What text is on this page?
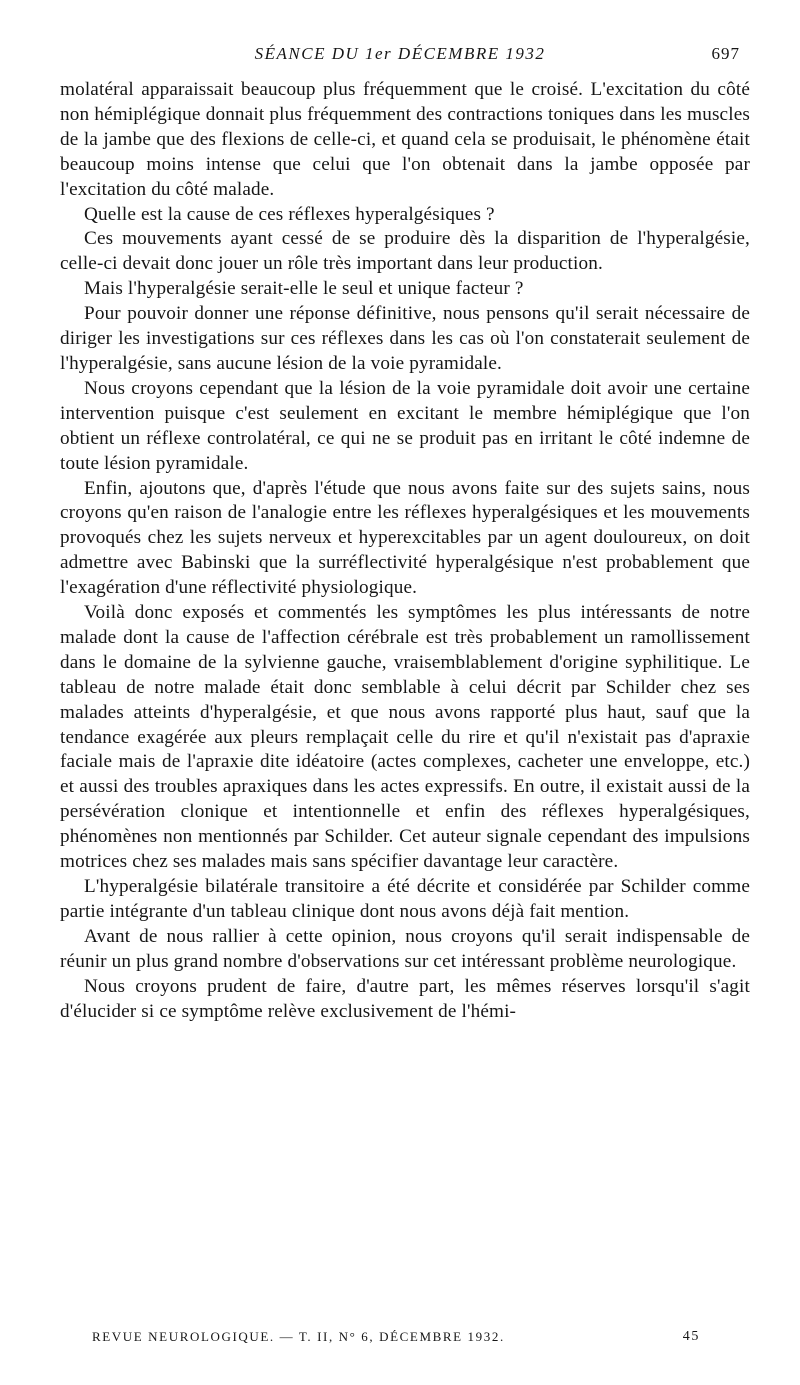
SÉANCE DU 1er DÉCEMBRE 1932	697

molatéral apparaissait beaucoup plus fréquemment que le croisé. L'excitation du côté non hémiplégique donnait plus fréquemment des contractions toniques dans les muscles de la jambe que des flexions de celle-ci, et quand cela se produisait, le phénomène était beaucoup moins intense que celui que l'on obtenait dans la jambe opposée par l'excitation du côté malade.

Quelle est la cause de ces réflexes hyperalgésiques ?

Ces mouvements ayant cessé de se produire dès la disparition de l'hyperalgésie, celle-ci devait donc jouer un rôle très important dans leur production.

Mais l'hyperalgésie serait-elle le seul et unique facteur ?

Pour pouvoir donner une réponse définitive, nous pensons qu'il serait nécessaire de diriger les investigations sur ces réflexes dans les cas où l'on constaterait seulement de l'hyperalgésie, sans aucune lésion de la voie pyramidale.

Nous croyons cependant que la lésion de la voie pyramidale doit avoir une certaine intervention puisque c'est seulement en excitant le membre hémiplégique que l'on obtient un réflexe controlatéral, ce qui ne se produit pas en irritant le côté indemne de toute lésion pyramidale.

Enfin, ajoutons que, d'après l'étude que nous avons faite sur des sujets sains, nous croyons qu'en raison de l'analogie entre les réflexes hyperalgésiques et les mouvements provoqués chez les sujets nerveux et hyperexcitables par un agent douloureux, on doit admettre avec Babinski que la surréflectivité hyperalgésique n'est probablement que l'exagération d'une réflectivité physiologique.

Voilà donc exposés et commentés les symptômes les plus intéressants de notre malade dont la cause de l'affection cérébrale est très probablement un ramollissement dans le domaine de la sylvienne gauche, vraisemblablement d'origine syphilitique. Le tableau de notre malade était donc semblable à celui décrit par Schilder chez ses malades atteints d'hyperalgésie, et que nous avons rapporté plus haut, sauf que la tendance exagérée aux pleurs remplaçait celle du rire et qu'il n'existait pas d'apraxie faciale mais de l'apraxie dite idéatoire (actes complexes, cacheter une enveloppe, etc.) et aussi des troubles apraxiques dans les actes expressifs. En outre, il existait aussi de la persévération clonique et intentionnelle et enfin des réflexes hyperalgésiques, phénomènes non mentionnés par Schilder. Cet auteur signale cependant des impulsions motrices chez ses malades mais sans spécifier davantage leur caractère.

L'hyperalgésie bilatérale transitoire a été décrite et considérée par Schilder comme partie intégrante d'un tableau clinique dont nous avons déjà fait mention.

Avant de nous rallier à cette opinion, nous croyons qu'il serait indispensable de réunir un plus grand nombre d'observations sur cet intéressant problème neurologique.

Nous croyons prudent de faire, d'autre part, les mêmes réserves lorsqu'il s'agit d'élucider si ce symptôme relève exclusivement de l'hémi-

REVUE NEUROLOGIQUE. — T. II, N° 6, DÉCEMBRE 1932.	45
